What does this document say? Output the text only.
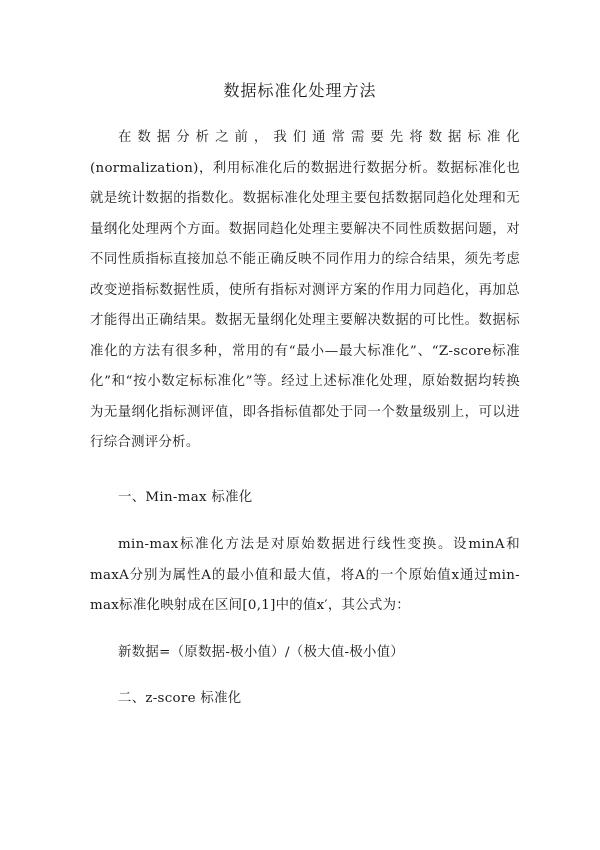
数据标准化处理方法

在数据分析之前，我们通常需要先将数据标准化(normalization)，利用标准化后的数据进行数据分析。数据标准化也就是统计数据的指数化。数据标准化处理主要包括数据同趋化处理和无量纲化处理两个方面。数据同趋化处理主要解决不同性质数据问题，对不同性质指标直接加总不能正确反映不同作用力的综合结果，须先考虑改变逆指标数据性质，使所有指标对测评方案的作用力同趋化，再加总才能得出正确结果。数据无量纲化处理主要解决数据的可比性。数据标准化的方法有很多种，常用的有“最小—最大标准化”、“Z-score标准化”和“按小数定标标准化”等。经过上述标准化处理，原始数据均转换为无量纲化指标测评值，即各指标值都处于同一个数量级别上，可以进行综合测评分析。

一、Min-max 标准化

min-max标准化方法是对原始数据进行线性变换。设minA和maxA分别为属性A的最小值和最大值，将A的一个原始值x通过min-max标准化映射成在区间[0,1]中的值x′，其公式为：

新数据=（原数据-极小值）/（极大值-极小值）
二、z-score 标准化
